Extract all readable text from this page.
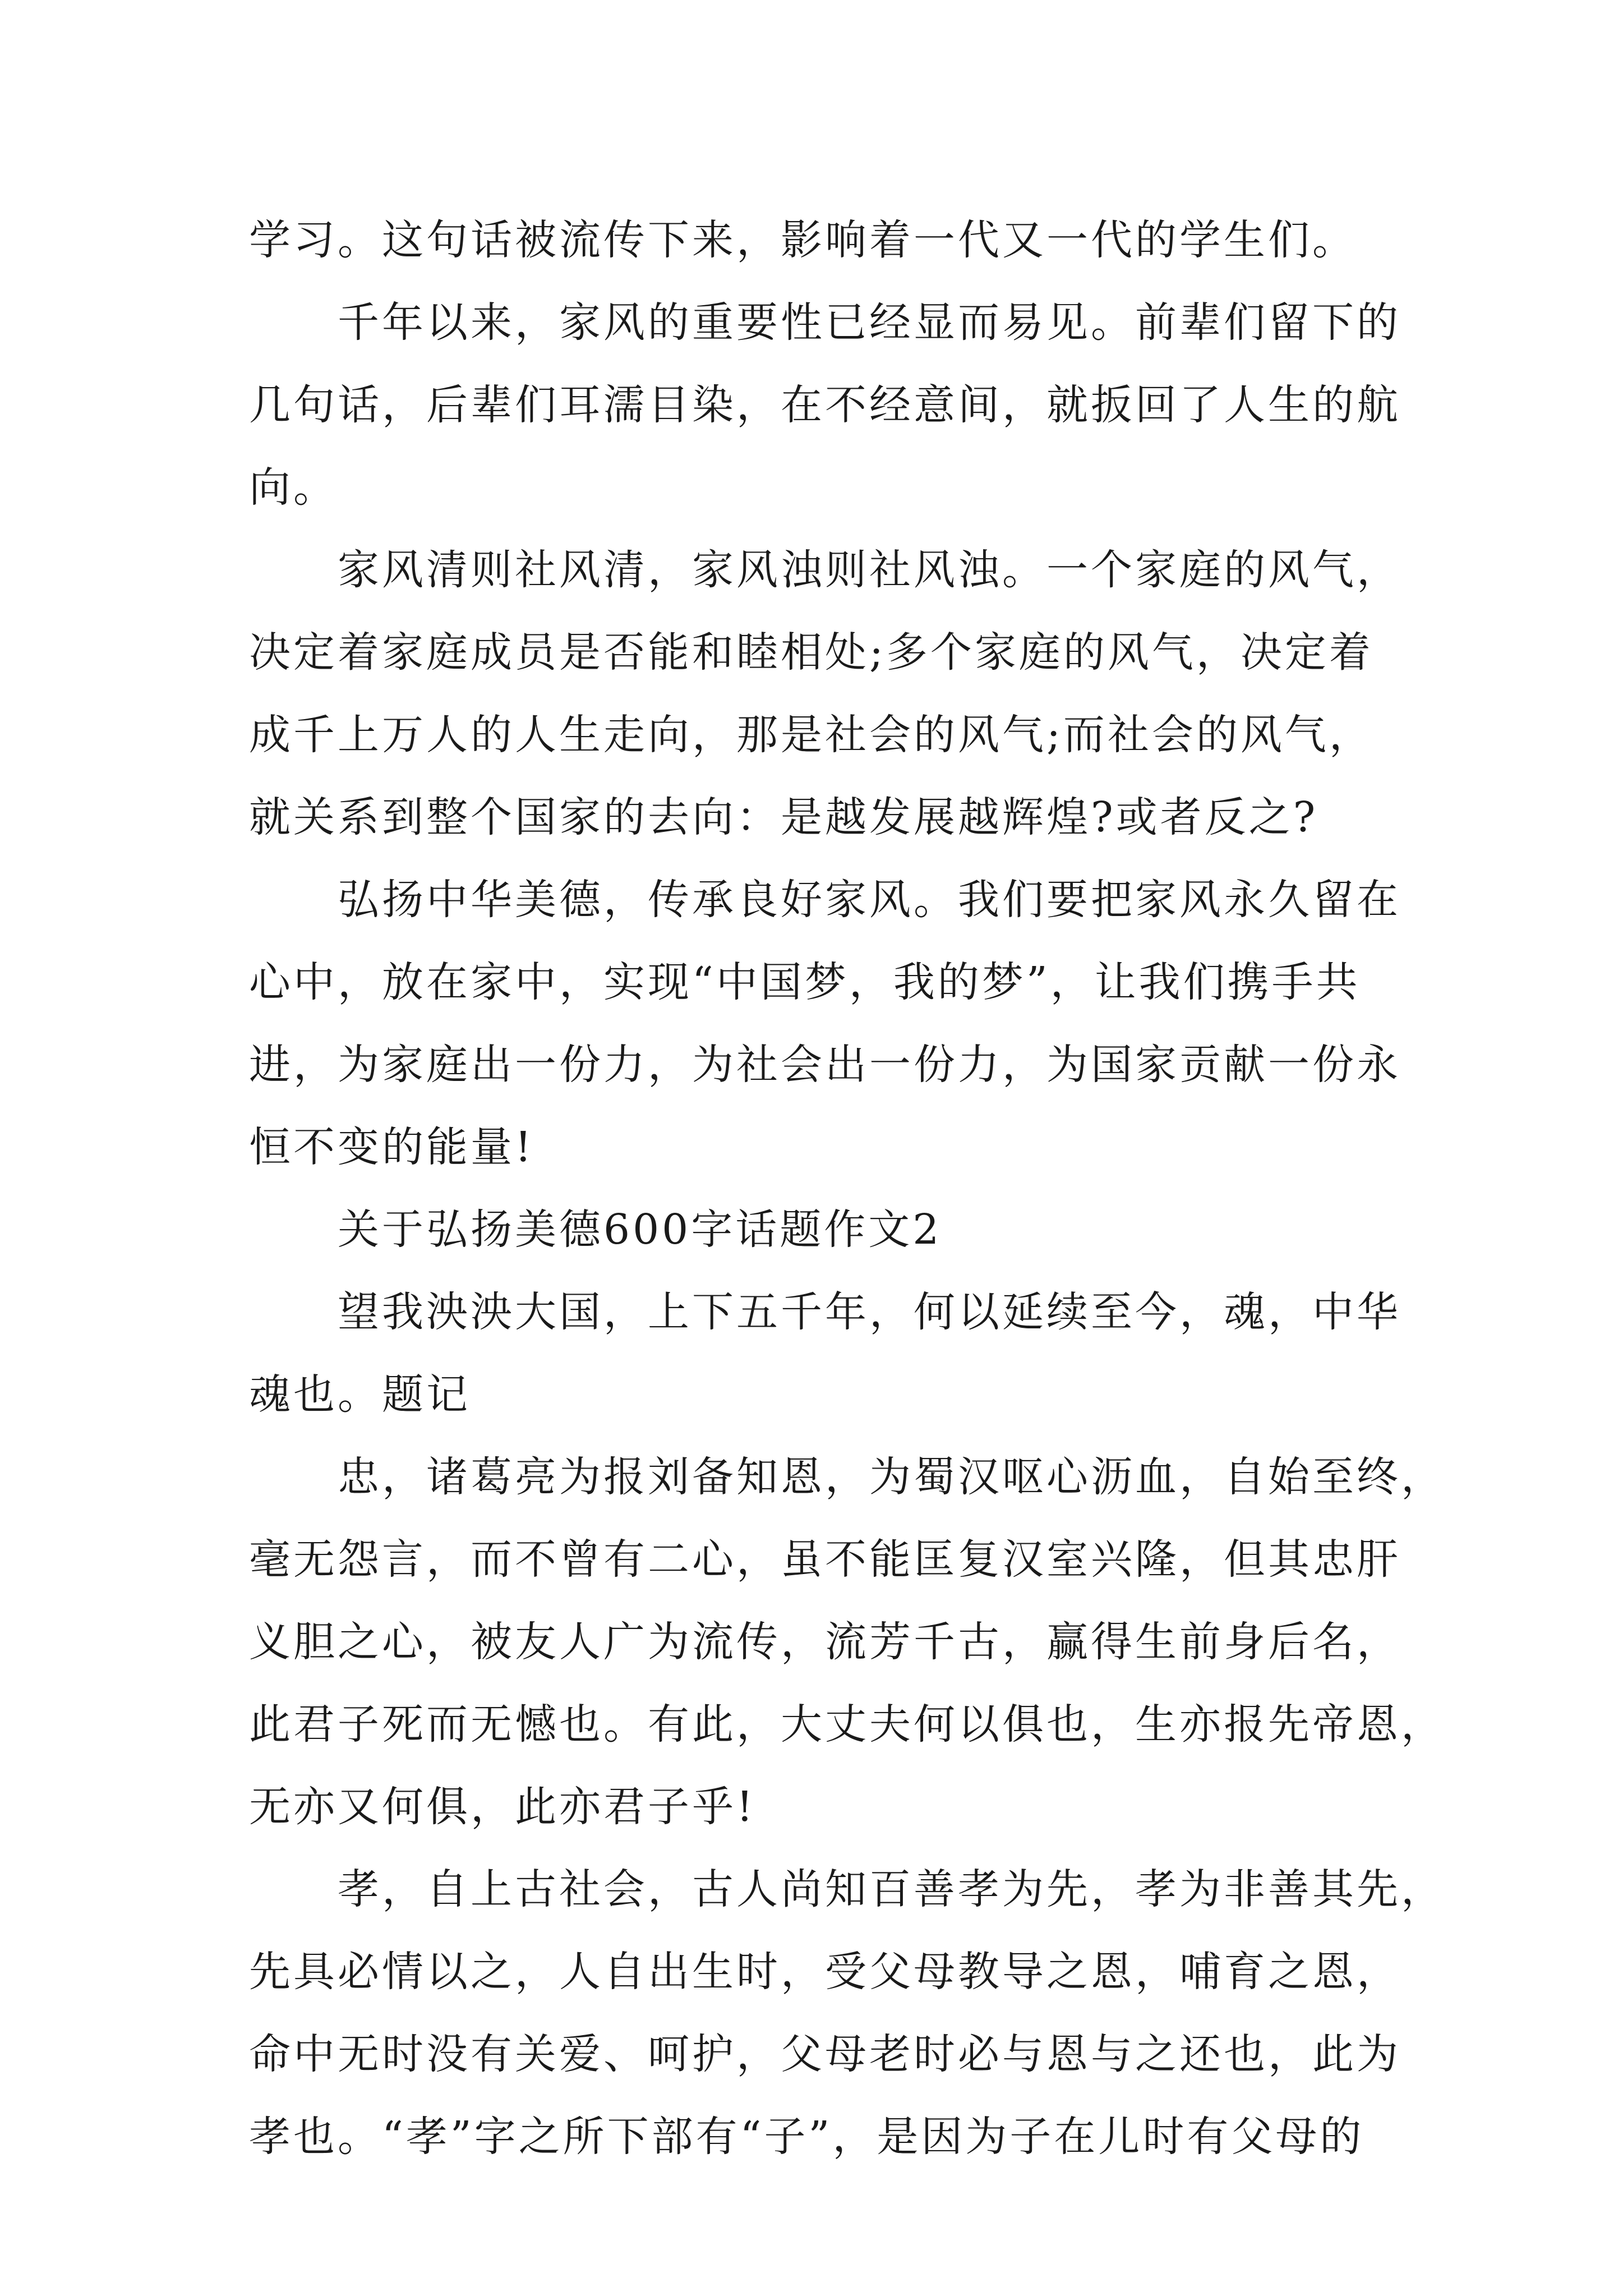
学习。这句话被流传下来，影响着一代又一代的学生们。
千年以来，家风的重要性已经显而易见。前辈们留下的
几句话，后辈们耳濡目染，在不经意间，就扳回了人生的航
向。
家风清则社风清，家风浊则社风浊。一个家庭的风气，
决定着家庭成员是否能和睦相处;多个家庭的风气，决定着
成千上万人的人生走向，那是社会的风气;而社会的风气，
就关系到整个国家的去向：是越发展越辉煌?或者反之?
弘扬中华美德，传承良好家风。我们要把家风永久留在
心中，放在家中，实现“中国梦，我的梦”，让我们携手共
进，为家庭出一份力，为社会出一份力，为国家贡献一份永
恒不变的能量!
关于弘扬美德600字话题作文2
望我泱泱大国，上下五千年，何以延续至今，魂，中华
魂也。题记
忠，诸葛亮为报刘备知恩，为蜀汉呕心沥血，自始至终，
毫无怨言，而不曾有二心，虽不能匡复汉室兴隆，但其忠肝
义胆之心，被友人广为流传，流芳千古，赢得生前身后名，
此君子死而无憾也。有此，大丈夫何以俱也，生亦报先帝恩，
无亦又何俱，此亦君子乎!
孝，自上古社会，古人尚知百善孝为先，孝为非善其先，
先具必情以之，人自出生时，受父母教导之恩，哺育之恩，
命中无时没有关爱、呵护，父母老时必与恩与之还也，此为
孝也。“孝”字之所下部有“子”，是因为子在儿时有父母的
